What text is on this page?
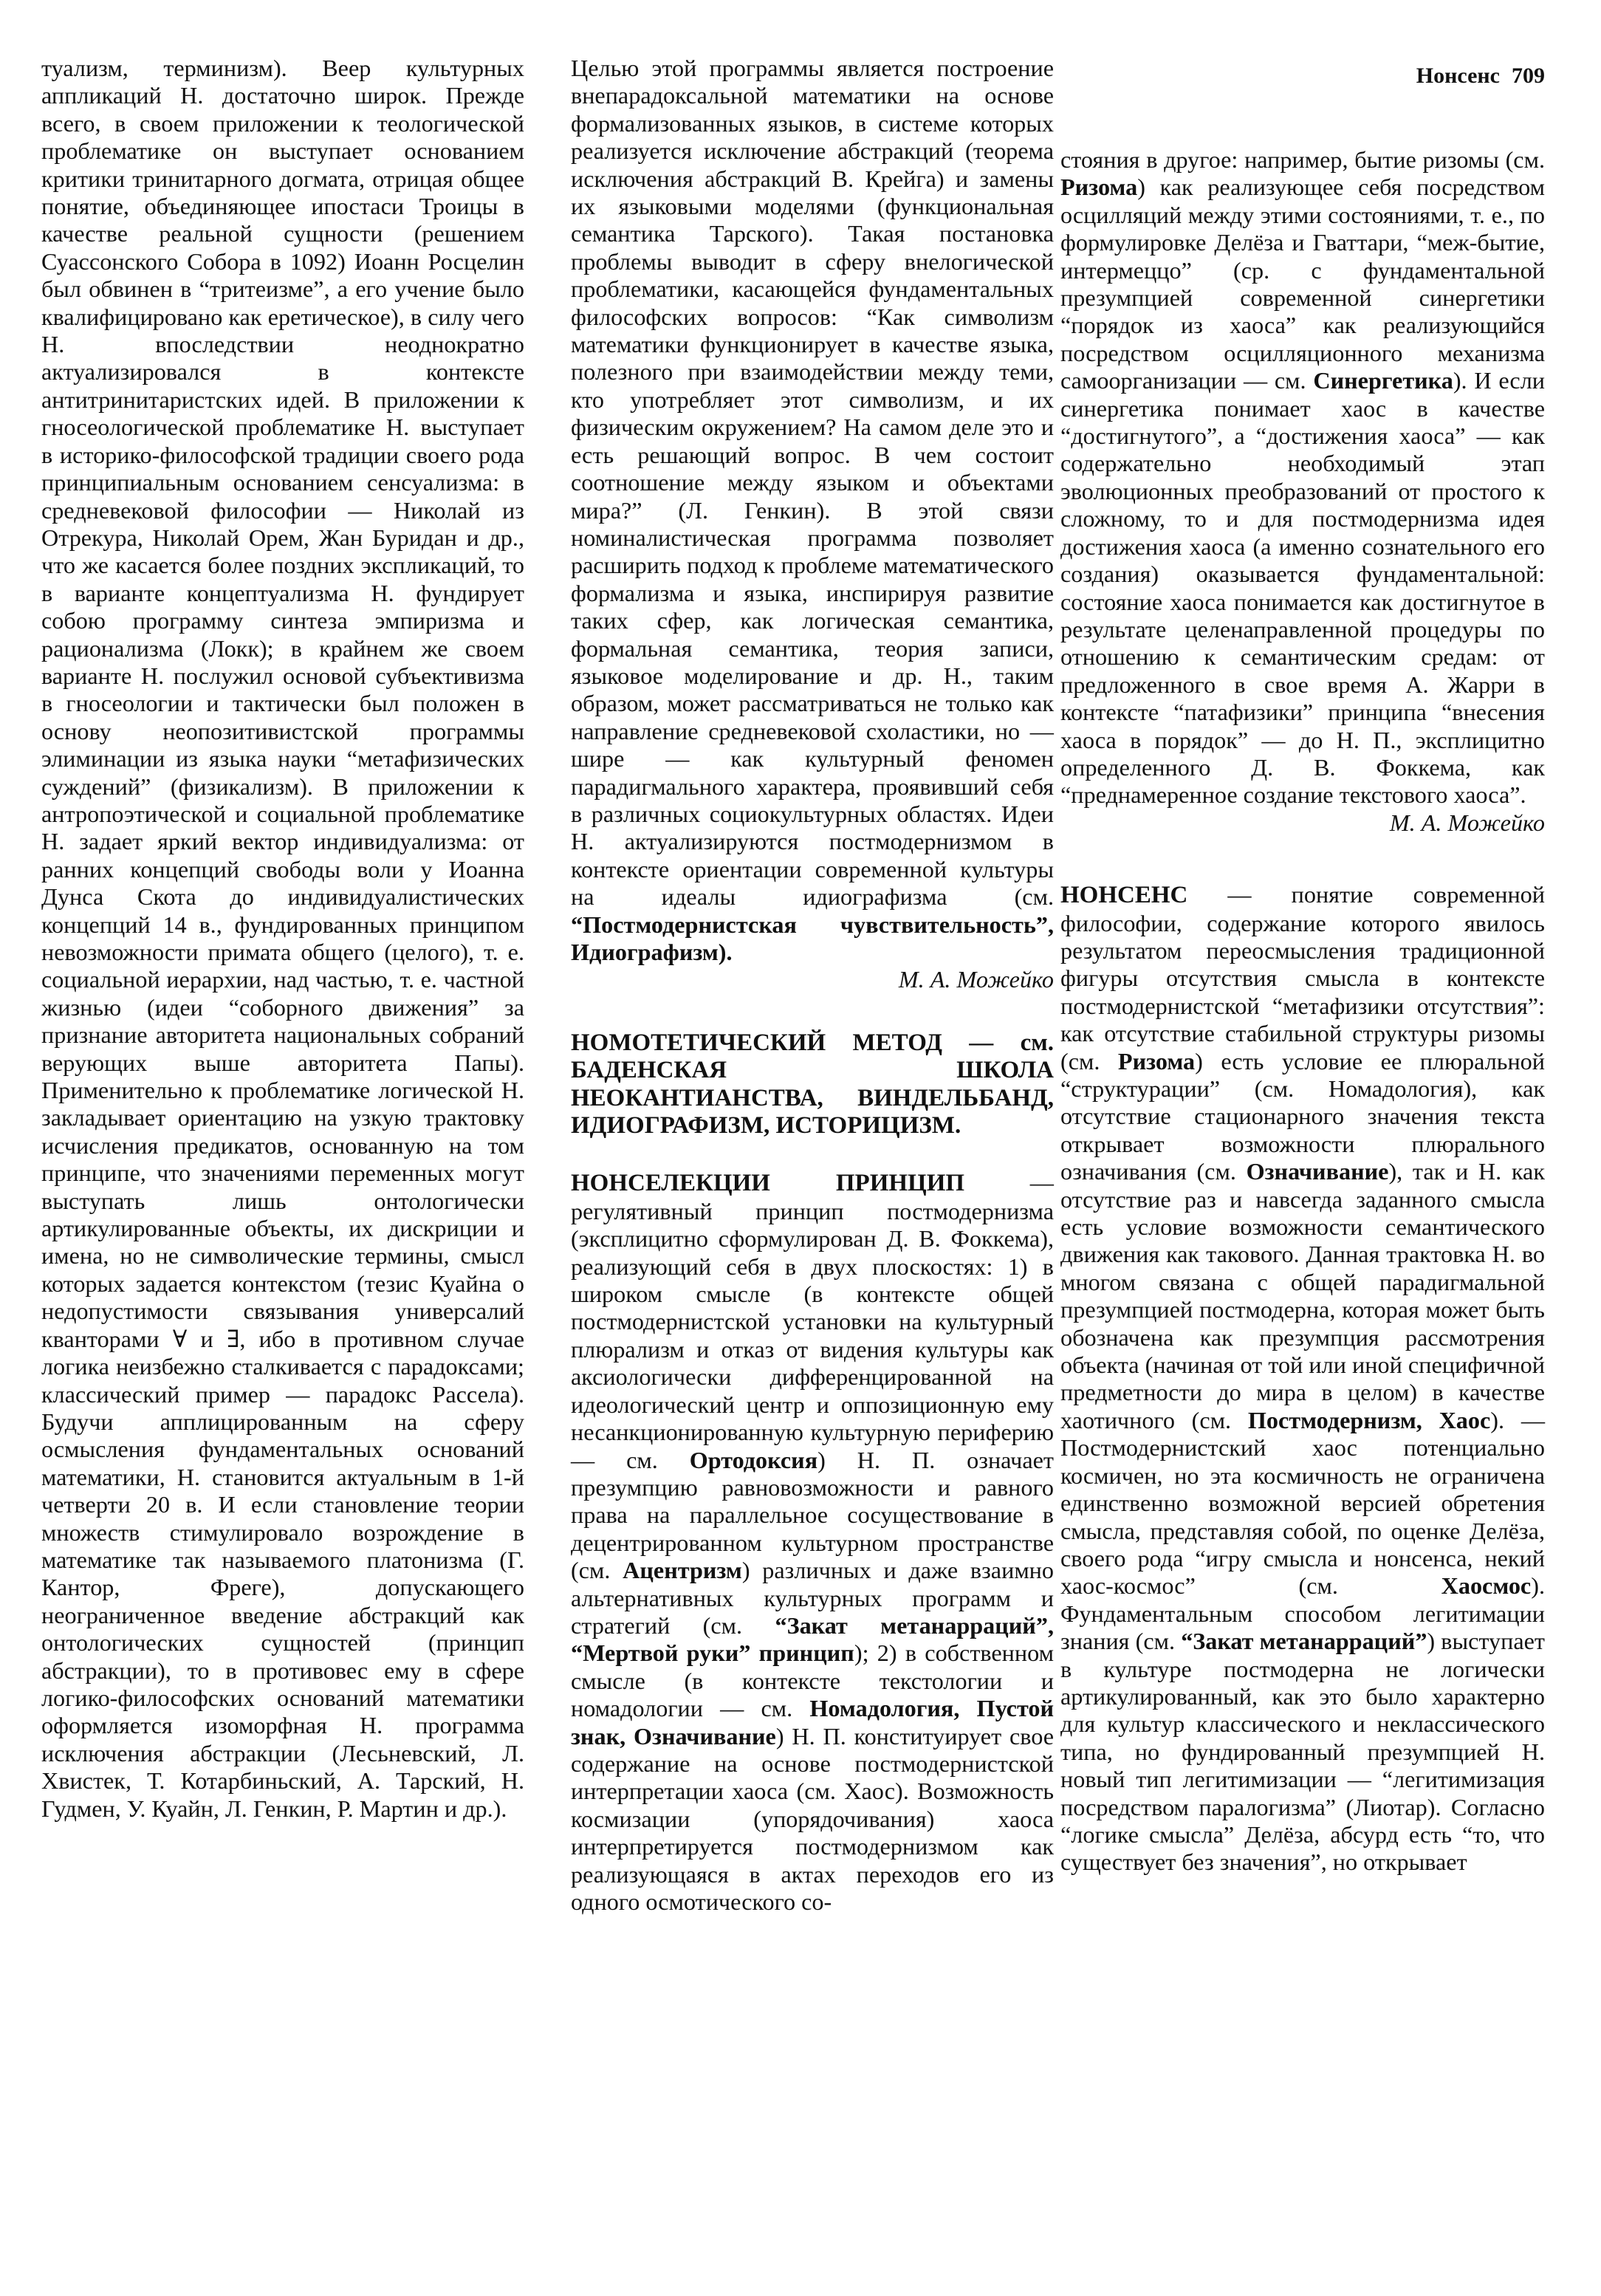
Нонсенс 709

туализм, терминизм). Веер культурных аппликаций Н. достаточно широк. Прежде всего, в своем приложении к теологической проблематике он выступает основанием критики тринитарного догмата, отрицая общее понятие, объединяющее ипостаси Троицы в качестве реальной сущности (решением Суассонского Собора в 1092) Иоанн Росцелин был обвинен в “тритеизме”, а его учение было квалифицировано как еретическое), в силу чего Н. впоследствии неоднократно актуализировался в контексте антитринитаристских идей. В приложении к гносеологической проблематике Н. выступает в историко-философской традиции своего рода принципиальным основанием сенсуализма: в средневековой философии — Николай из Отрекура, Николай Орем, Жан Буридан и др., что же касается более поздних экспликаций, то в варианте концептуализма Н. фундирует собою программу синтеза эмпиризма и рационализма (Локк); в крайнем же своем варианте Н. послужил основой субъективизма в гносеологии и тактически был положен в основу неопозитивистской программы элиминации из языка науки “метафизических суждений” (физикализм). В приложении к антропоэтической и социальной проблематике Н. задает яркий вектор индивидуализма: от ранних концепций свободы воли у Иоанна Дунса Скота до индивидуалистических концепций 14 в., фундированных принципом невозможности примата общего (целого), т. е. социальной иерархии, над частью, т. е. частной жизнью (идеи “соборного движения” за признание авторитета национальных собраний верующих выше авторитета Папы). Применительно к проблематике логической Н. закладывает ориентацию на узкую трактовку исчисления предикатов, основанную на том принципе, что значениями переменных могут выступать лишь онтологически артикулированные объекты, их дискриции и имена, но не символические термины, смысл которых задается контекстом (тезис Куайна о недопустимости связывания универсалий кванторами ∀ и ∃, ибо в противном случае логика неизбежно сталкивается с парадоксами; классический пример — парадокс Рассела). Будучи апплицированным на сферу осмысления фундаментальных оснований математики, Н. становится актуальным в 1-й четверти 20 в. И если становление теории множеств стимулировало возрождение в математике так называемого платонизма (Г. Кантор, Фреге), допускающего неограниченное введение абстракций как онтологических сущностей (принцип абстракции), то в противовес ему в сфере логико-философских оснований математики оформляется изоморфная Н. программа исключения абстракции (Лесьневский, Л. Хвистек, Т. Котарбиньский, А. Тарский, Н. Гудмен, У. Куайн, Л. Генкин, Р. Мартин и др.).

Целью этой программы является построение внепарадоксальной математики на основе формализованных языков, в системе которых реализуется исключение абстракций (теорема исключения абстракций В. Крейга) и замены их языковыми моделями (функциональная семантика Тарского). Такая постановка проблемы выводит в сферу внелогической проблематики, касающейся фундаментальных философских вопросов: “Как символизм математики функционирует в качестве языка, полезного при взаимодействии между теми, кто употребляет этот символизм, и их физическим окружением? На самом деле это и есть решающий вопрос. В чем состоит соотношение между языком и объектами мира?” (Л. Генкин). В этой связи номиналистическая программа позволяет расширить подход к проблеме математического формализма и языка, инспирируя развитие таких сфер, как логическая семантика, формальная семантика, теория записи, языковое моделирование и др. Н., таким образом, может рассматриваться не только как направление средневековой схоластики, но — шире — как культурный феномен парадигмального характера, проявивший себя в различных социокультурных областях. Идеи Н. актуализируются постмодернизмом в контексте ориентации современной культуры на идеалы идиографизма (см. “Постмодернистская чувствительность”, Идиографизм).

М. А. Можейко

НОМОТЕТИЧЕСКИЙ МЕТОД — см. БАДЕНСКАЯ ШКОЛА НЕОКАНТИАНСТВА, ВИНДЕЛЬБАНД, ИДИОГРАФИЗМ, ИСТОРИЦИЗМ.

НОНСЕЛЕКЦИИ ПРИНЦИП — регулятивный принцип постмодернизма (эксплицитно сформулирован Д. В. Фоккема), реализующий себя в двух плоскостях: 1) в широком смысле (в контексте общей постмодернистской установки на культурный плюрализм и отказ от видения культуры как аксиологически дифференцированной на идеологический центр и оппозиционную ему несанкционированную культурную периферию — см. Ортодоксия) Н. П. означает презумпцию равновозможности и равного права на параллельное сосуществование в децентрированном культурном пространстве (см. Ацентризм) различных и даже взаимно альтернативных культурных программ и стратегий (см. “Закат метанарраций”, “Мертвой руки” принцип); 2) в собственном смысле (в контексте текстологии и номадологии — см. Номадология, Пустой знак, Означивание) Н. П. конституирует свое содержание на основе постмодернистской интерпретации хаоса (см. Хаос). Возможность космизации (упорядочивания) хаоса интерпретируется постмодернизмом как реализующаяся в актах переходов его из одного осмотического со-

стояния в другое: например, бытие ризомы (см. Ризома) как реализующее себя посредством осцилляций между этими состояниями, т. е., по формулировке Делёза и Гваттари, “меж-бытие, интермеццо” (ср. с фундаментальной презумпцией современной синергетики “порядок из хаоса” как реализующийся посредством осцилляционного механизма самоорганизации — см. Синергетика). И если синергетика понимает хаос в качестве “достигнутого”, а “достижения хаоса” — как содержательно необходимый этап эволюционных преобразований от простого к сложному, то и для постмодернизма идея достижения хаоса (а именно сознательного его создания) оказывается фундаментальной: состояние хаоса понимается как достигнутое в результате целенаправленной процедуры по отношению к семантическим средам: от предложенного в свое время А. Жарри в контексте “патафизики” принципа “внесения хаоса в порядок” — до Н. П., эксплицитно определенного Д. В. Фоккема, как “преднамеренное создание текстового хаоса”.

М. А. Можейко

НОНСЕНС — понятие современной философии, содержание которого явилось результатом переосмысления традиционной фигуры отсутствия смысла в контексте постмодернистской “метафизики отсутствия”: как отсутствие стабильной структуры ризомы (см. Ризома) есть условие ее плюральной “структурации” (см. Номадология), как отсутствие стационарного значения текста открывает возможности плюрального означивания (см. Означивание), так и Н. как отсутствие раз и навсегда заданного смысла есть условие возможности семантического движения как такового. Данная трактовка Н. во многом связана с общей парадигмальной презумпцией постмодерна, которая может быть обозначена как презумпция рассмотрения объекта (начиная от той или иной специфичной предметности до мира в целом) в качестве хаотичного (см. Постмодернизм, Хаос). — Постмодернистский хаос потенциально космичен, но эта космичность не ограничена единственно возможной версией обретения смысла, представляя собой, по оценке Делёза, своего рода “игру смысла и нонсенса, некий хаос-космос” (см. Хаосмос). Фундаментальным способом легитимации знания (см. “Закат метанарраций”) выступает в культуре постмодерна не логически артикулированный, как это было характерно для культур классического и неклассического типа, но фундированный презумпцией Н. новый тип легитимизации — “легитимизация посредством паралогизма” (Лиотар). Согласно “логике смысла” Делёза, абсурд есть “то, что существует без значения”, но открывает
